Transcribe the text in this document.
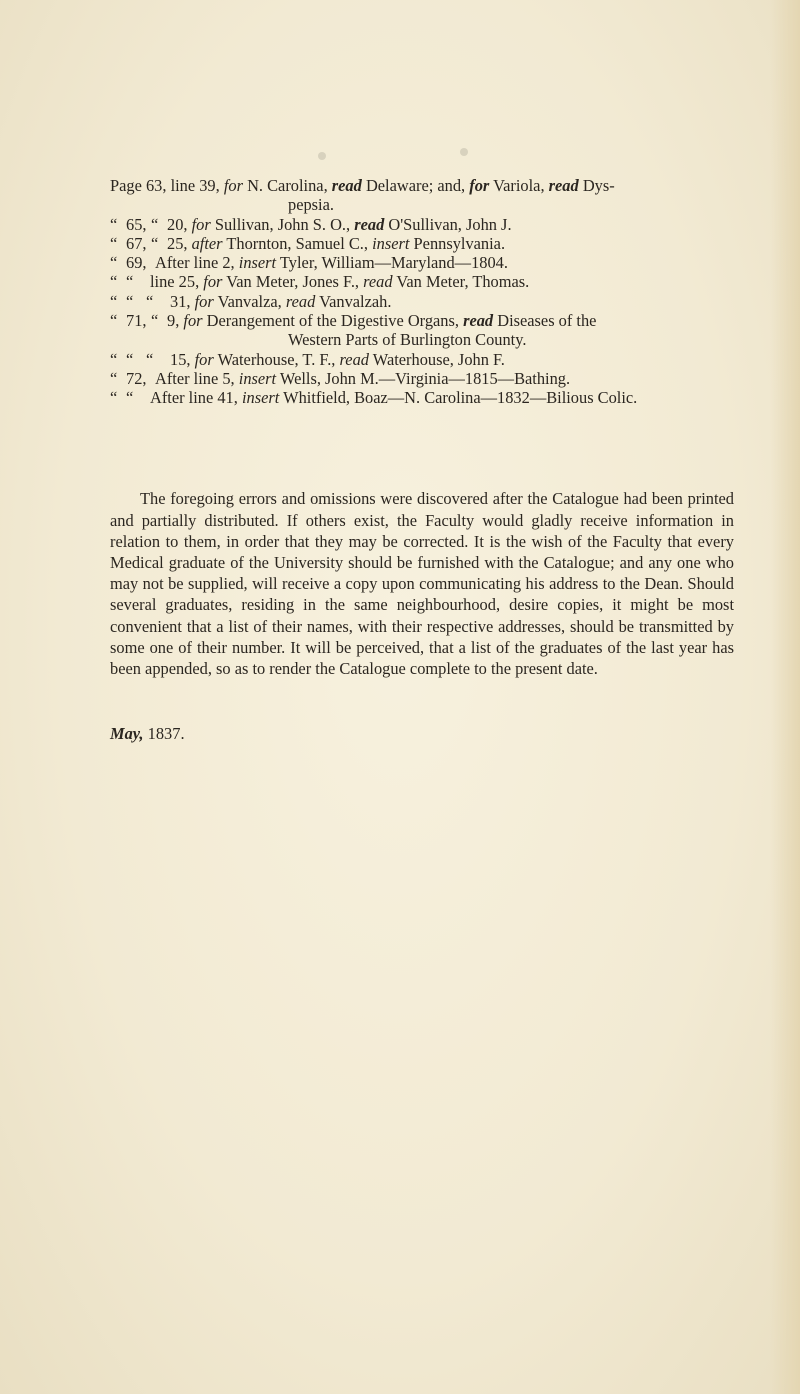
Page 63, line 39, for N. Carolina, read Delaware; and, for Variola, read Dys-
pepsia.
“ 65, “ 20, for Sullivan, John S. O., read O'Sullivan, John J.
“ 67, “ 25, after Thornton, Samuel C., insert Pennsylvania.
“ 69, After line 2, insert Tyler, William—Maryland—1804.
“ “	line 25, for Van Meter, Jones F., read Van Meter, Thomas.
“ “ “	31, for Vanvalza, read Vanvalzah.
“ 71, “ 9, for Derangement of the Digestive Organs, read Diseases of the
Western Parts of Burlington County.
“ “ “	15, for Waterhouse, T. F., read Waterhouse, John F.
“ 72, After line 5, insert Wells, John M.—Virginia—1815—Bathing.
“ “	After line 41, insert Whitfield, Boaz—N. Carolina—1832—Bilious Colic.

The foregoing errors and omissions were discovered after the Catalogue had been printed and partially distributed. If others exist, the Faculty would gladly receive information in relation to them, in order that they may be corrected. It is the wish of the Faculty that every Medical graduate of the University should be furnished with the Catalogue; and any one who may not be supplied, will receive a copy upon communicating his address to the Dean. Should several graduates, residing in the same neighbourhood, desire copies, it might be most convenient that a list of their names, with their respective addresses, should be transmitted by some one of their number. It will be perceived, that a list of the graduates of the last year has been appended, so as to render the Catalogue complete to the present date.

May, 1837.
